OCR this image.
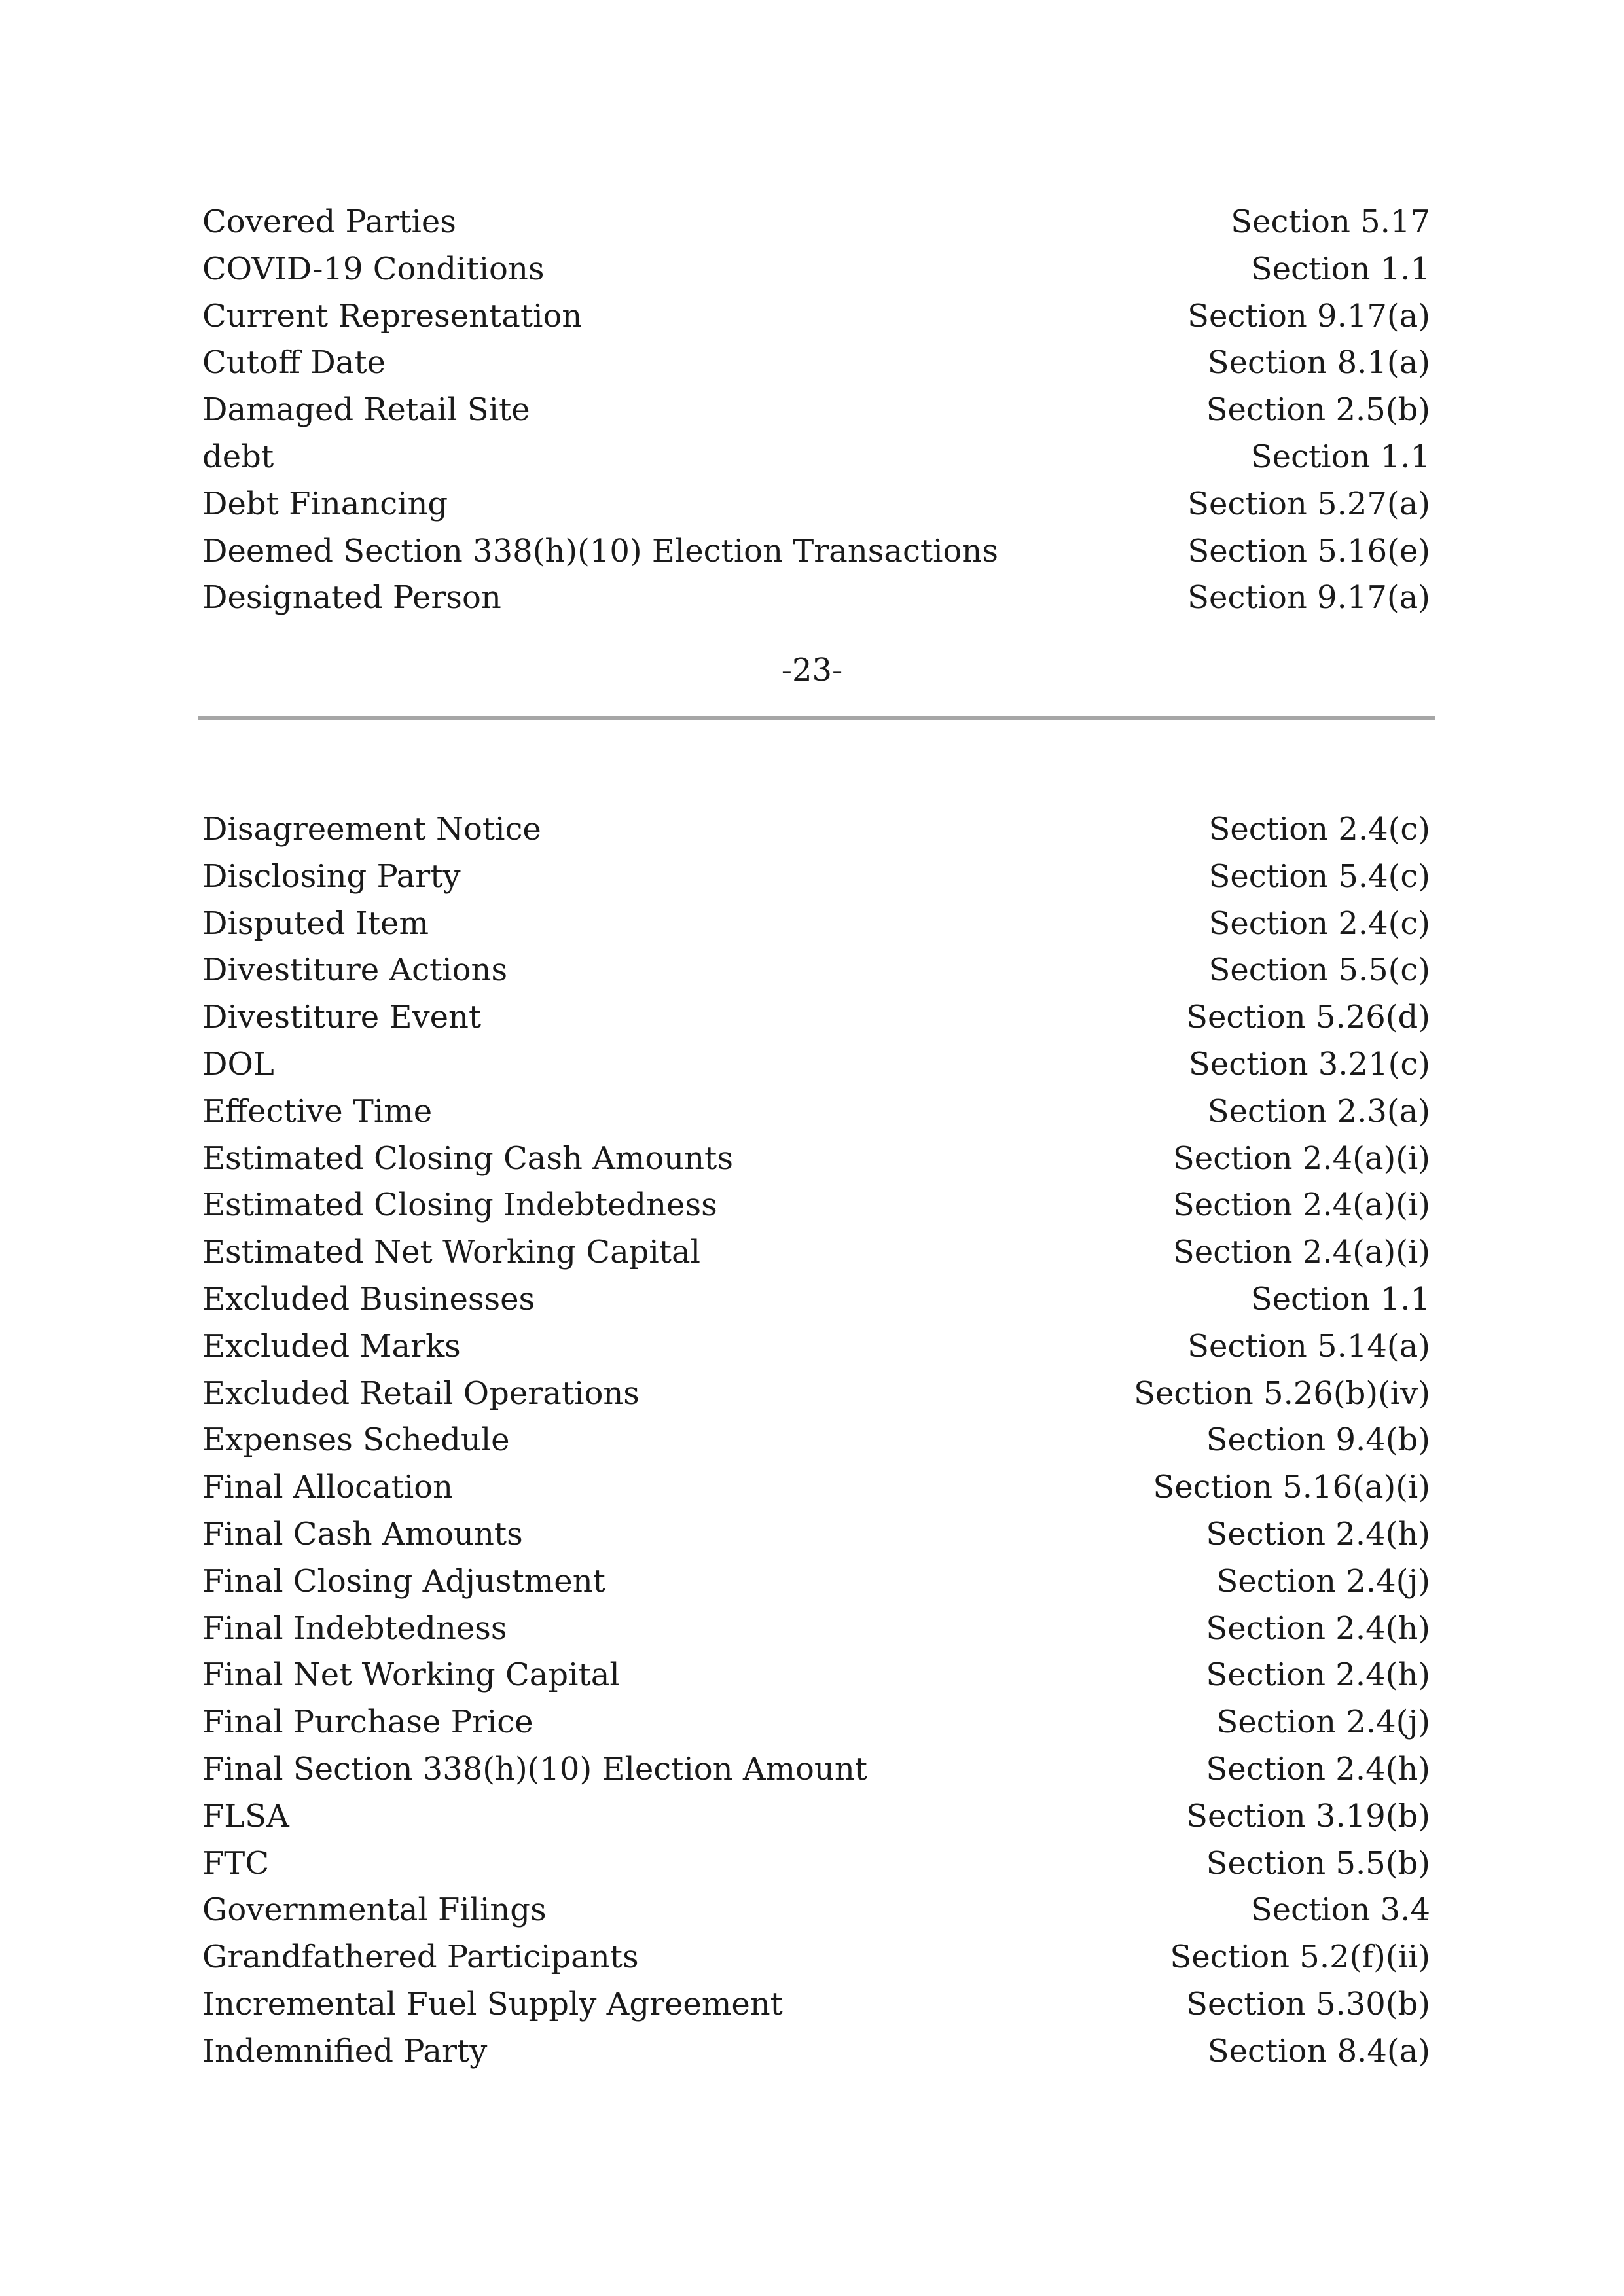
Covered Parties	Section 5.17
COVID-19 Conditions	Section 1.1
Current Representation	Section 9.17(a)
Cutoff Date	Section 8.1(a)
Damaged Retail Site	Section 2.5(b)
debt	Section 1.1
Debt Financing	Section 5.27(a)
Deemed Section 338(h)(10) Election Transactions	Section 5.16(e)
Designated Person	Section 9.17(a)
-23-
Disagreement Notice	Section 2.4(c)
Disclosing Party	Section 5.4(c)
Disputed Item	Section 2.4(c)
Divestiture Actions	Section 5.5(c)
Divestiture Event	Section 5.26(d)
DOL	Section 3.21(c)
Effective Time	Section 2.3(a)
Estimated Closing Cash Amounts	Section 2.4(a)(i)
Estimated Closing Indebtedness	Section 2.4(a)(i)
Estimated Net Working Capital	Section 2.4(a)(i)
Excluded Businesses	Section 1.1
Excluded Marks	Section 5.14(a)
Excluded Retail Operations	Section 5.26(b)(iv)
Expenses Schedule	Section 9.4(b)
Final Allocation	Section 5.16(a)(i)
Final Cash Amounts	Section 2.4(h)
Final Closing Adjustment	Section 2.4(j)
Final Indebtedness	Section 2.4(h)
Final Net Working Capital	Section 2.4(h)
Final Purchase Price	Section 2.4(j)
Final Section 338(h)(10) Election Amount	Section 2.4(h)
FLSA	Section 3.19(b)
FTC	Section 5.5(b)
Governmental Filings	Section 3.4
Grandfathered Participants	Section 5.2(f)(ii)
Incremental Fuel Supply Agreement	Section 5.30(b)
Indemnified Party	Section 8.4(a)
